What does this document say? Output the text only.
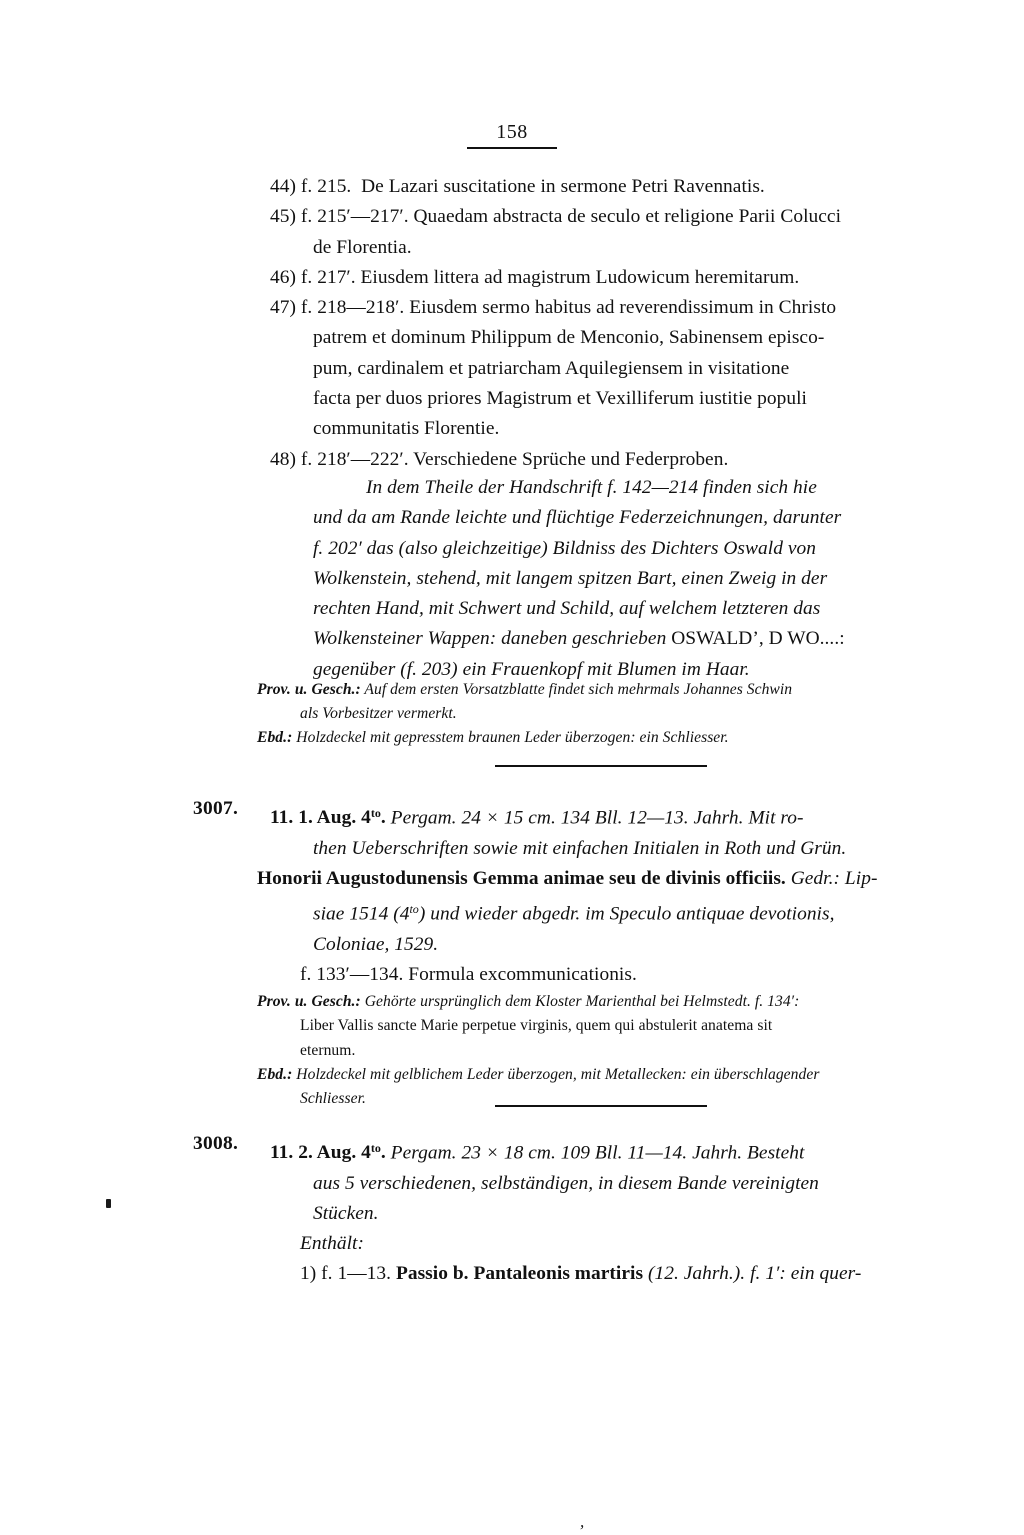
158
44) f. 215.  De Lazari suscitatione in sermone Petri Ravennatis.
45) f. 215′—217′. Quaedam abstracta de seculo et religione Parii Colucci
de Florentia.
46) f. 217′. Eiusdem littera ad magistrum Ludowicum heremitarum.
47) f. 218—218′. Eiusdem sermo habitus ad reverendissimum in Christo
patrem et dominum Philippum de Menconio, Sabinensem episco-
pum, cardinalem et patriarcham Aquilegiensem in visitatione
facta per duos priores Magistrum et Vexilliferum iustitie populi
communitatis Florentie.
48) f. 218′—222′. Verschiedene Sprüche und Federproben.
In dem Theile der Handschrift f. 142—214 finden sich hie
und da am Rande leichte und flüchtige Federzeichnungen, darunter
f. 202′ das (also gleichzeitige) Bildniss des Dichters Oswald von
Wolkenstein, stehend, mit langem spitzen Bart, einen Zweig in der
rechten Hand, mit Schwert und Schild, auf welchem letzteren das
Wolkensteiner Wappen: daneben geschrieben OSWALD’, D WO....:
gegenüber (f. 203) ein Frauenkopf mit Blumen im Haar.
Prov. u. Gesch.: Auf dem ersten Vorsatzblatte findet sich mehrmals Johannes Schwin
als Vorbesitzer vermerkt.
Ebd.: Holzdeckel mit gepresstem braunen Leder überzogen: ein Schliesser.
3007.	11. 1. Aug. $4^{to}$. Pergam. 24 × 15 cm. 134 Bll. 12—13. Jahrh. Mit ro-
then Ueberschriften sowie mit einfachen Initialen in Roth und Grün.
Honorii Augustodunensis Gemma animae seu de divinis officiis. Gedr.: Lip-
siae 1514 $(4^{to})$ und wieder abgedr. im Speculo antiquae devotionis,
Coloniae, 1529.
f. 133′—134. Formula excommunicationis.
Prov. u. Gesch.: Gehörte ursprünglich dem Kloster Marienthal bei Helmstedt. f. 134′:
Liber Vallis sancte Marie perpetue virginis, quem qui abstulerit anatema sit
eternum.
Ebd.: Holzdeckel mit gelblichem Leder überzogen, mit Metallecken: ein überschlagender
Schliesser.
3008.	11. 2. Aug. $4^{to}$. Pergam. 23 × 18 cm. 109 Bll. 11—14. Jahrh. Besteht
aus 5 verschiedenen, selbständigen, in diesem Bande vereinigten
Stücken.
Enthält:
1) f. 1—13. Passio b. Pantaleonis martiris (12. Jahrh.). f. 1′: ein quer-
,
